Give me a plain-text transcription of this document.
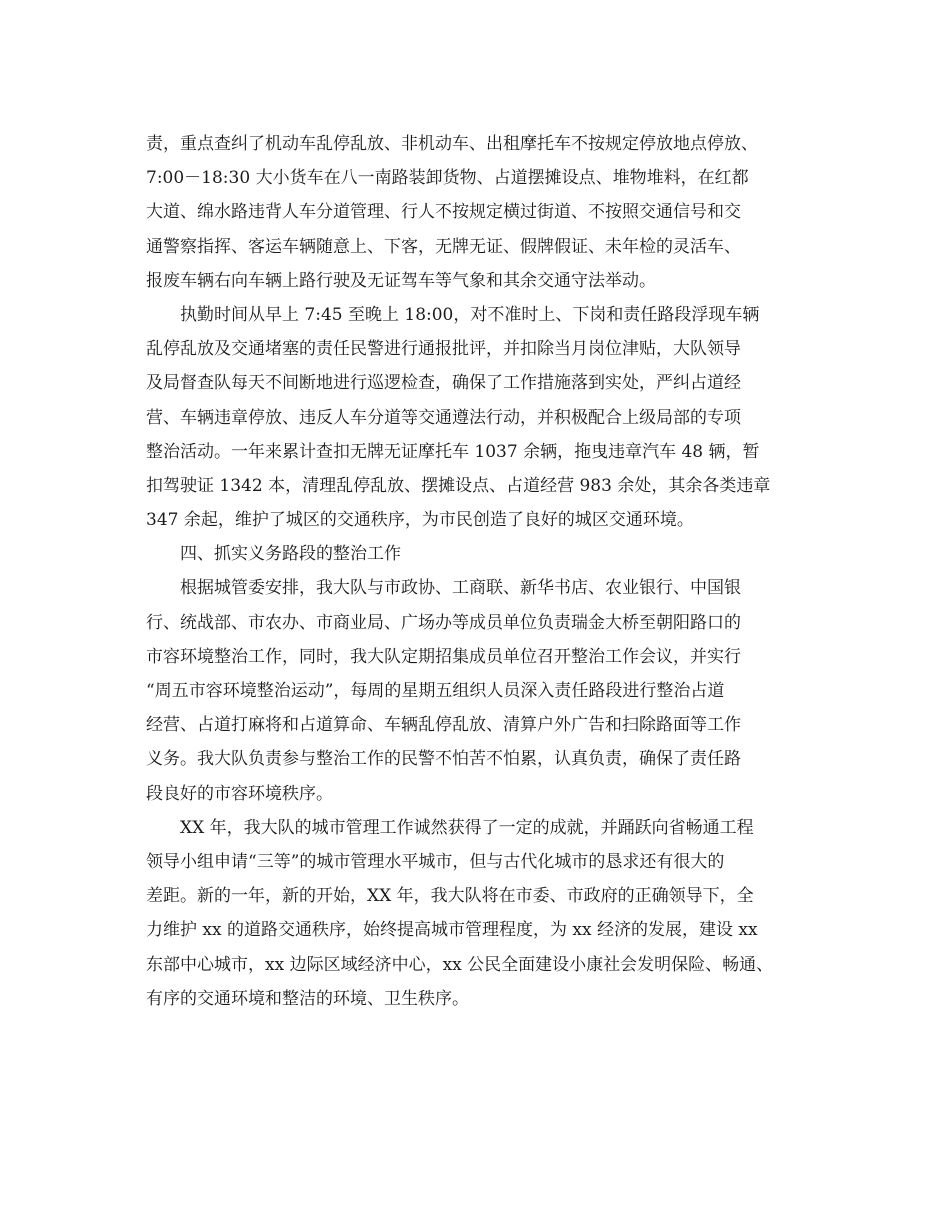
责，重点查纠了机动车乱停乱放、非机动车、出租摩托车不按规定停放地点停放、
7:00－18:30 大小货车在八一南路装卸货物、占道摆摊设点、堆物堆料，在红都
大道、绵水路违背人车分道管理、行人不按规定横过街道、不按照交通信号和交
通警察指挥、客运车辆随意上、下客，无牌无证、假牌假证、未年检的灵活车、
报废车辆右向车辆上路行驶及无证驾车等气象和其余交通守法举动。
执勤时间从早上 7:45 至晚上 18:00，对不准时上、下岗和责任路段浮现车辆
乱停乱放及交通堵塞的责任民警进行通报批评，并扣除当月岗位津贴，大队领导
及局督查队每天不间断地进行巡逻检查，确保了工作措施落到实处，严纠占道经
营、车辆违章停放、违反人车分道等交通遵法行动，并积极配合上级局部的专项
整治活动。一年来累计查扣无牌无证摩托车 1037 余辆，拖曳违章汽车 48 辆，暂
扣驾驶证 1342 本，清理乱停乱放、摆摊设点、占道经营 983 余处，其余各类违章
347 余起，维护了城区的交通秩序，为市民创造了良好的城区交通环境。
四、抓实义务路段的整治工作
根据城管委安排，我大队与市政协、工商联、新华书店、农业银行、中国银
行、统战部、市农办、市商业局、广场办等成员单位负责瑞金大桥至朝阳路口的
市容环境整治工作，同时，我大队定期招集成员单位召开整治工作会议，并实行
“周五市容环境整治运动”，每周的星期五组织人员深入责任路段进行整治占道
经营、占道打麻将和占道算命、车辆乱停乱放、清算户外广告和扫除路面等工作
义务。我大队负责参与整治工作的民警不怕苦不怕累，认真负责，确保了责任路
段良好的市容环境秩序。
XX 年，我大队的城市管理工作诚然获得了一定的成就，并踊跃向省畅通工程
领导小组申请“三等”的城市管理水平城市，但与古代化城市的恳求还有很大的
差距。新的一年，新的开始，XX 年，我大队将在市委、市政府的正确领导下，全
力维护 xx 的道路交通秩序，始终提高城市管理程度，为 xx 经济的发展，建设 xx
东部中心城市，xx 边际区域经济中心，xx 公民全面建设小康社会发明保险、畅通、
有序的交通环境和整洁的环境、卫生秩序。
